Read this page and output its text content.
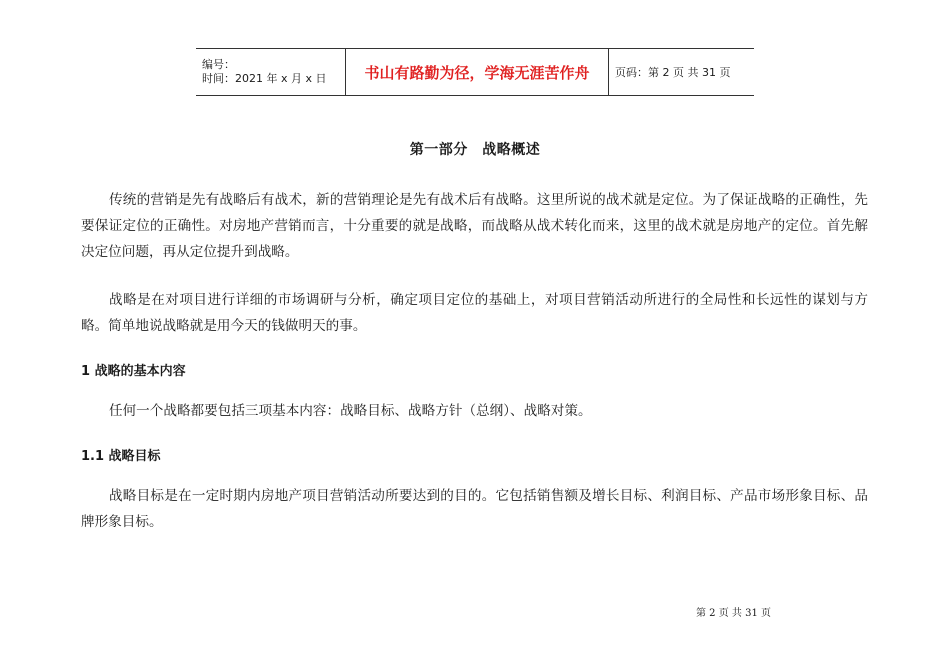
编号：
时间：2021 年 x 月 x 日	书山有路勤为径，学海无涯苦作舟	页码：第 2 页 共 31 页
第一部分　战略概述

传统的营销是先有战略后有战术，新的营销理论是先有战术后有战略。这里所说的战术就是定位。为了保证战略的正确性，先要保证定位的正确性。对房地产营销而言，十分重要的就是战略，而战略从战术转化而来，这里的战术就是房地产的定位。首先解决定位问题，再从定位提升到战略。

战略是在对项目进行详细的市场调研与分析，确定项目定位的基础上，对项目营销活动所进行的全局性和长远性的谋划与方略。简单地说战略就是用今天的钱做明天的事。

1 战略的基本内容

任何一个战略都要包括三项基本内容：战略目标、战略方针（总纲）、战略对策。

1.1 战略目标

战略目标是在一定时期内房地产项目营销活动所要达到的目的。它包括销售额及增长目标、利润目标、产品市场形象目标、品牌形象目标。

第 2 页 共 31 页
